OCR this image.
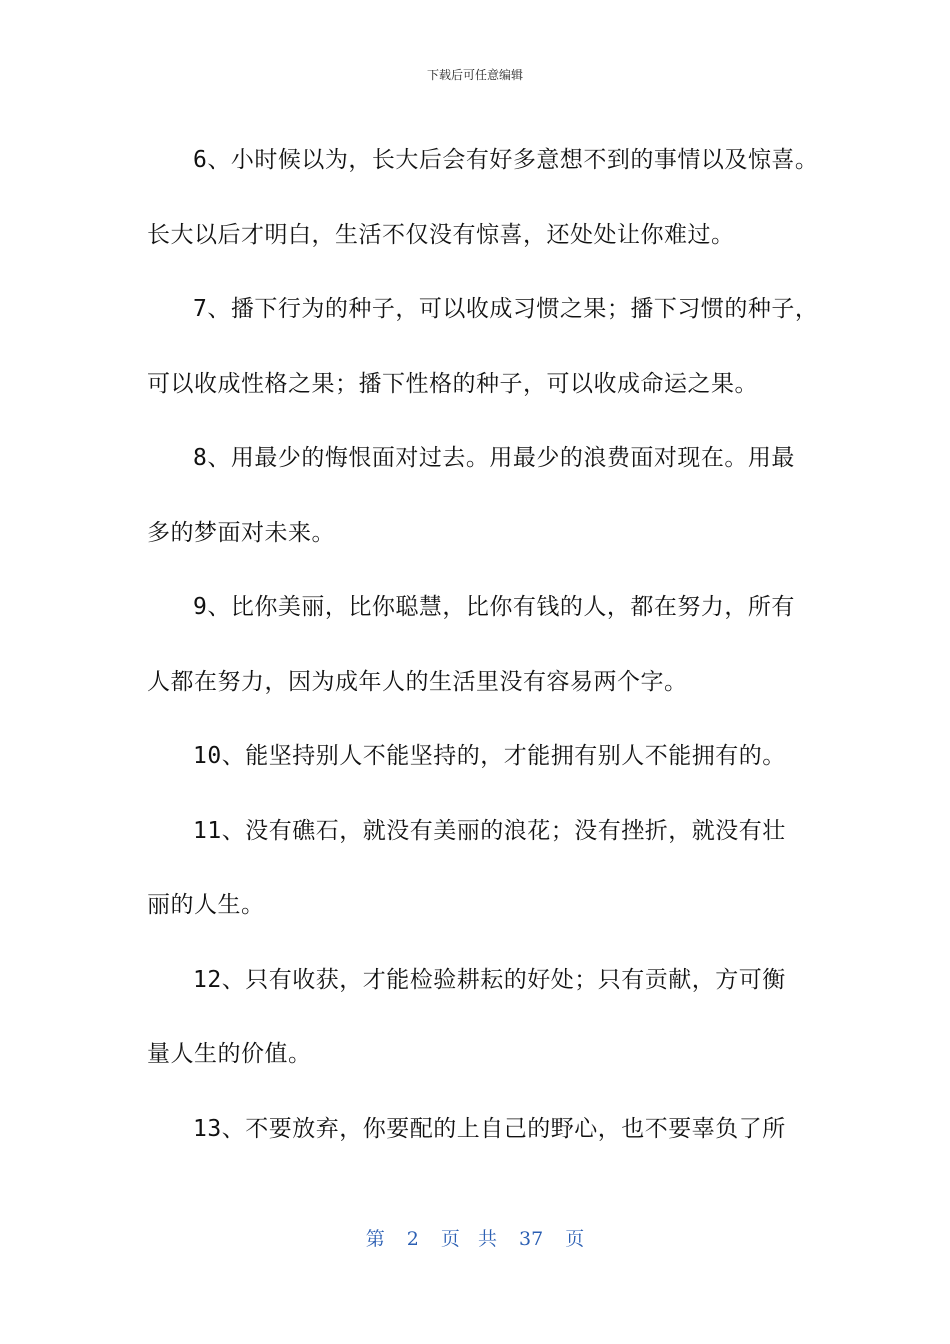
下载后可任意编辑

6、小时候以为，长大后会有好多意想不到的事情以及惊喜。
长大以后才明白，生活不仅没有惊喜，还处处让你难过。

7、播下行为的种子，可以收成习惯之果；播下习惯的种子，
可以收成性格之果；播下性格的种子，可以收成命运之果。

8、用最少的悔恨面对过去。用最少的浪费面对现在。用最
多的梦面对未来。

9、比你美丽，比你聪慧，比你有钱的人，都在努力，所有
人都在努力，因为成年人的生活里没有容易两个字。

10、能坚持别人不能坚持的，才能拥有别人不能拥有的。

11、没有礁石，就没有美丽的浪花；没有挫折，就没有壮
丽的人生。

12、只有收获，才能检验耕耘的好处；只有贡献，方可衡
量人生的价值。

13、不要放弃，你要配的上自己的野心，也不要辜负了所

第 2 页 共 37 页
